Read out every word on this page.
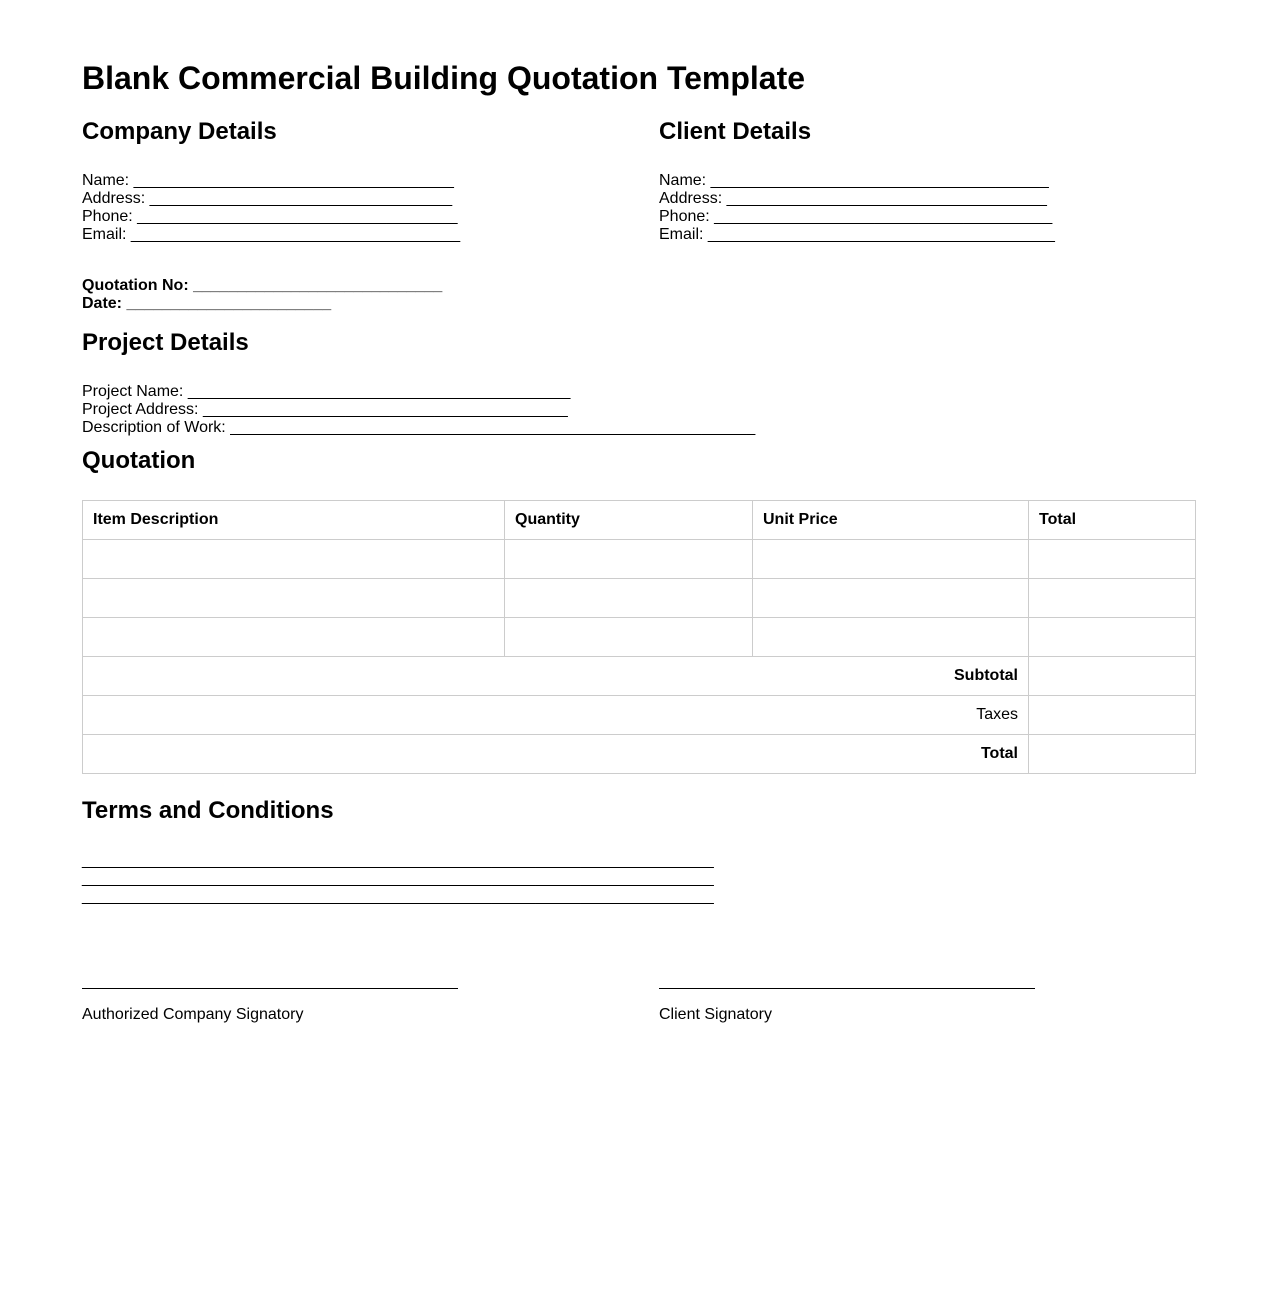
Blank Commercial Building Quotation Template
Company Details
Name: ____________________________________
Address: __________________________________
Phone: ____________________________________
Email: _____________________________________
Client Details
Name: ______________________________________
Address: ____________________________________
Phone: ______________________________________
Email: _______________________________________
Quotation No: ____________________________
Date: _______________________
Project Details
Project Name: ___________________________________________
Project Address: _________________________________________
Description of Work: ___________________________________________________________
Quotation
Item Description	Quantity	Unit Price	Total

Subtotal			
Taxes			
Total			
Terms and Conditions
_______________________________________________________________________
_______________________________________________________________________
_______________________________________________________________________
Authorized Company Signatory	Client Signatory
